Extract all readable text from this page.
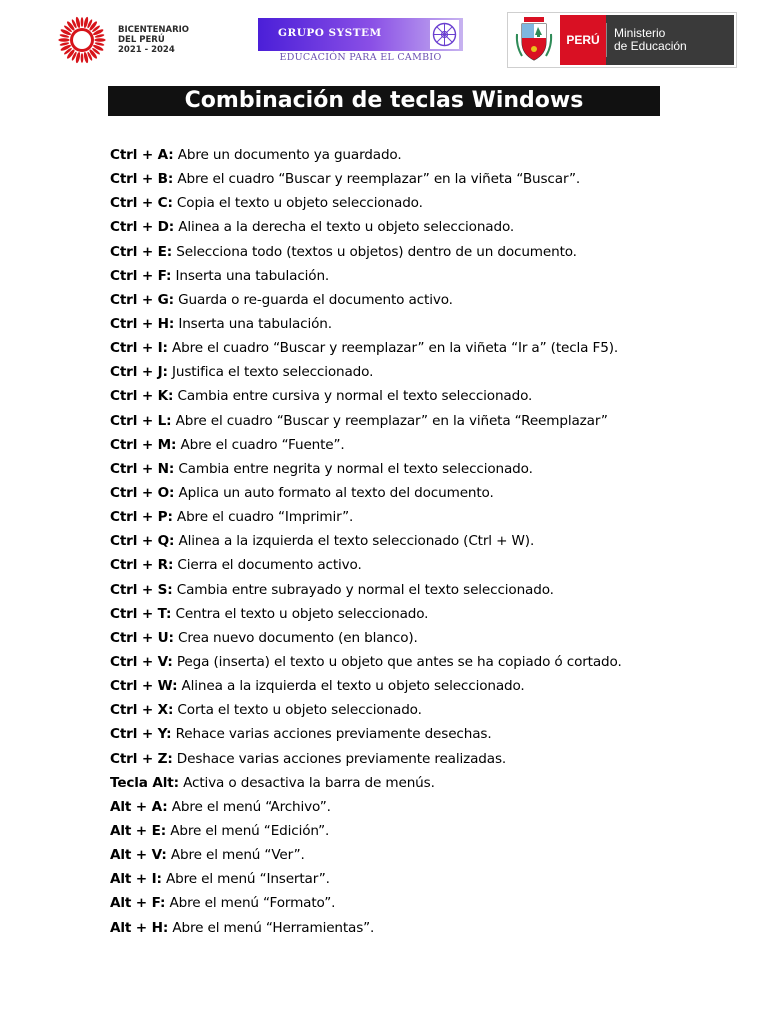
BICENTENARIO
DEL PERÚ
2021 - 2024
GRUPO SYSTEM
EDUCACIÓN PARA EL CAMBIO
PERÚ	Ministerio
de Educación
Combinación de teclas Windows
Ctrl + A: Abre un documento ya guardado.
Ctrl + B: Abre el cuadro “Buscar y reemplazar” en la viñeta “Buscar”.
Ctrl + C: Copia el texto u objeto seleccionado.
Ctrl + D: Alinea a la derecha el texto u objeto seleccionado.
Ctrl + E: Selecciona todo (textos u objetos) dentro de un documento.
Ctrl + F: Inserta una tabulación.
Ctrl + G: Guarda o re-guarda el documento activo.
Ctrl + H: Inserta una tabulación.
Ctrl + I: Abre el cuadro “Buscar y reemplazar” en la viñeta “Ir a” (tecla F5).
Ctrl + J: Justifica el texto seleccionado.
Ctrl + K: Cambia entre cursiva y normal el texto seleccionado.
Ctrl + L: Abre el cuadro “Buscar y reemplazar” en la viñeta “Reemplazar”
Ctrl + M: Abre el cuadro “Fuente”.
Ctrl + N: Cambia entre negrita y normal el texto seleccionado.
Ctrl + O: Aplica un auto formato al texto del documento.
Ctrl + P: Abre el cuadro “Imprimir”.
Ctrl + Q: Alinea a la izquierda el texto seleccionado (Ctrl + W).
Ctrl + R: Cierra el documento activo.
Ctrl + S: Cambia entre subrayado y normal el texto seleccionado.
Ctrl + T: Centra el texto u objeto seleccionado.
Ctrl + U: Crea nuevo documento (en blanco).
Ctrl + V: Pega (inserta) el texto u objeto que antes se ha copiado ó cortado.
Ctrl + W: Alinea a la izquierda el texto u objeto seleccionado.
Ctrl + X: Corta el texto u objeto seleccionado.
Ctrl + Y: Rehace varias acciones previamente desechas.
Ctrl + Z: Deshace varias acciones previamente realizadas.
Tecla Alt: Activa o desactiva la barra de menús.
Alt + A: Abre el menú “Archivo”.
Alt + E: Abre el menú “Edición”.
Alt + V: Abre el menú “Ver”.
Alt + I: Abre el menú “Insertar”.
Alt + F: Abre el menú “Formato”.
Alt + H: Abre el menú “Herramientas”.
